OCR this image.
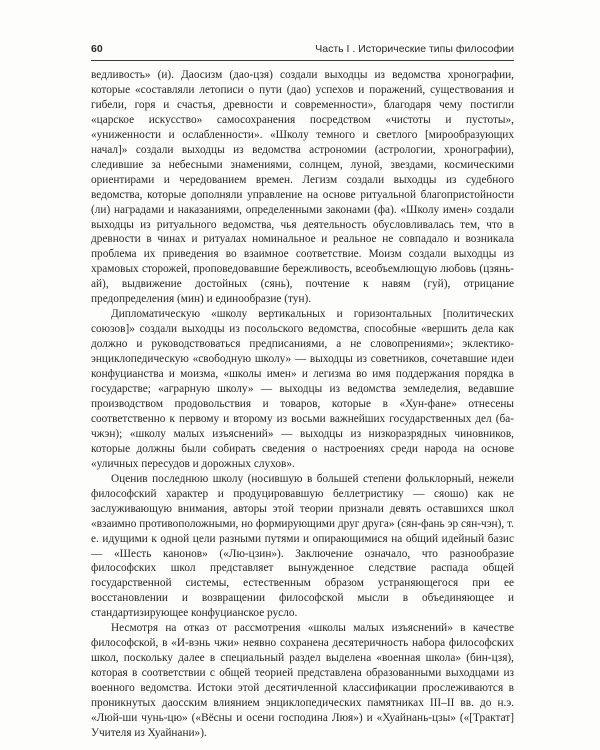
60	Часть I . Исторические типы философии

ведливость» (и). Даосизм (дао-цзя) создали выходцы из ведомства хронографии, которые «составляли летописи о пути (дао) успехов и поражений, существования и гибели, горя и счастья, древности и современности», благодаря чему постигли «царское искусство» самосохранения посредством «чистоты и пустоты», «униженности и ослабленности». «Школу темного и светлого [мирообразующих начал]» создали выходцы из ведомства астрономии (астрологии, хронографии), следившие за небесными знамениями, солнцем, луной, звездами, космическими ориентирами и чередованием времен. Легизм создали выходцы из судебного ведомства, которые дополняли управление на основе ритуальной благопристойности (ли) наградами и наказаниями, определенными законами (фа). «Школу имен» создали выходцы из ритуального ведомства, чья деятельность обусловливалась тем, что в древности в чинах и ритуалах номинальное и реальное не совпадало и возникала проблема их приведения во взаимное соответствие. Моизм создали выходцы из храмовых сторожей, проповедовавшие бережливость, всеобъемлющую любовь (цзянь-ай), выдвижение достойных (сянь), почтение к навям (гуй), отрицание предопределения (мин) и единообразие (тун).

Дипломатическую «школу вертикальных и горизонтальных [политических союзов]» создали выходцы из посольского ведомства, способные «вершить дела как должно и руководствоваться предписаниями, а не словопрениями»; эклектико-энциклопедическую «свободную школу» — выходцы из советников, сочетавшие идеи конфуцианства и моизма, «школы имен» и легизма во имя поддержания порядка в государстве; «аграрную школу» — выходцы из ведомства земледелия, ведавшие производством продовольствия и товаров, которые в «Хун-фане» отнесены соответственно к первому и второму из восьми важнейших государственных дел (ба-чжэн); «школу малых изъяснений» — выходцы из низкоразрядных чиновников, которые должны были собирать сведения о настроениях среди народа на основе «уличных пересудов и дорожных слухов».

Оценив последнюю школу (носившую в большей степени фольклорный, нежели философский характер и продуцировавшую беллетристику — сяошо) как не заслуживающую внимания, авторы этой теории признали девять оставшихся школ «взаимно противоположными, но формирующими друг друга» (сян-фань эр сян-чэн), т. е. идущими к одной цели разными путями и опирающимися на общий идейный базис — «Шесть канонов» («Лю-цзин»). Заключение означало, что разнообразие философских школ представляет вынужденное следствие распада общей государственной системы, естественным образом устраняющегося при ее восстановлении и возвращении философской мысли в объединяющее и стандартизирующее конфуцианское русло.

Несмотря на отказ от рассмотрения «школы малых изъяснений» в качестве философской, в «И-вэнь чжи» неявно сохранена десятеричность набора философских школ, поскольку далее в специальный раздел выделена «военная школа» (бин-цзя), которая в соответствии с общей теорией представлена образованными выходцами из военного ведомства. Истоки этой десятичленной классификации прослеживаются в проникнутых даосским влиянием энциклопедических памятниках III–II вв. до н.э. «Люй-ши чунь-цю» («Вёсны и осени господина Люя») и «Хуайнань-цзы» («[Трактат] Учителя из Хуайнани»).
